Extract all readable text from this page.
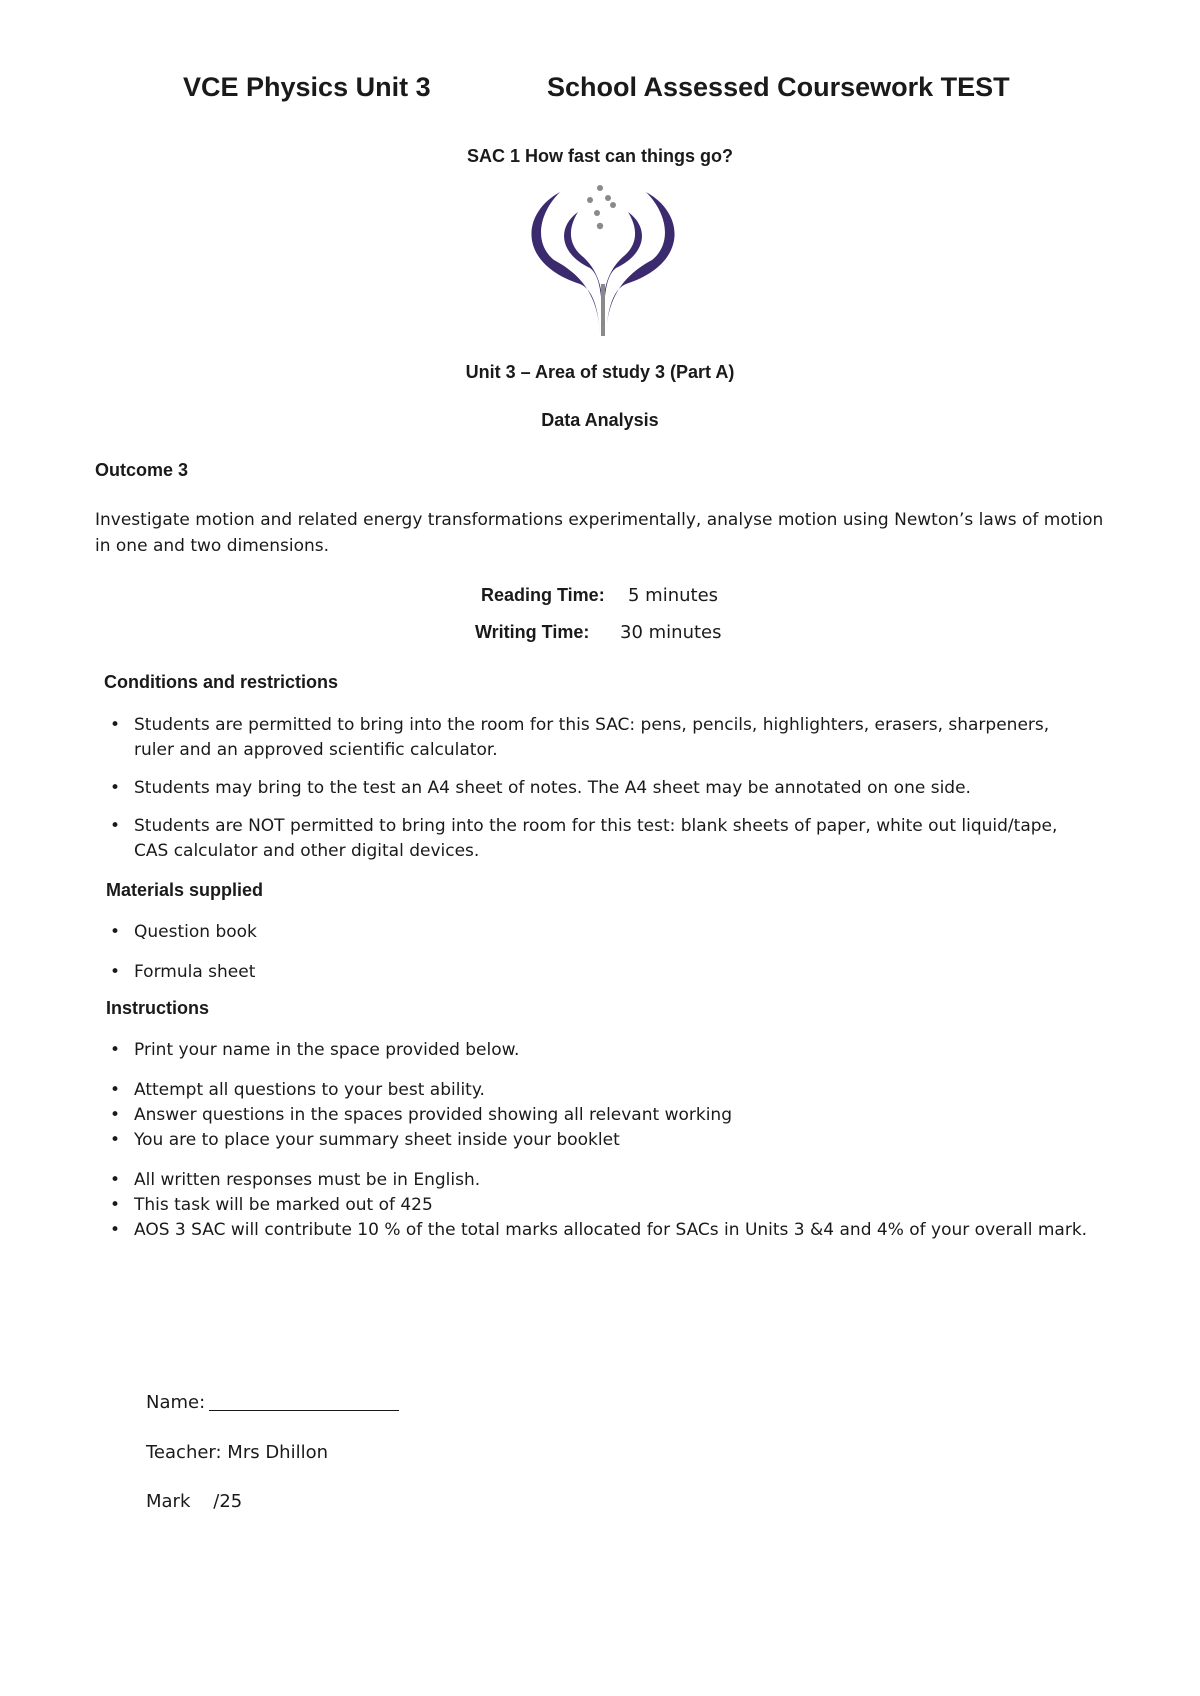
VCE Physics Unit 3	School Assessed Coursework TEST
SAC 1 How fast can things go?
Unit 3 – Area of study 3 (Part A)
Data Analysis
Outcome 3
Investigate motion and related energy transformations experimentally, analyse motion using Newton’s laws of motion in one and two dimensions.
Reading Time: 5 minutes
Writing Time: 30 minutes
Conditions and restrictions
• Students are permitted to bring into the room for this SAC: pens, pencils, highlighters, erasers, sharpeners, ruler and an approved scientific calculator.
• Students may bring to the test an A4 sheet of notes. The A4 sheet may be annotated on one side.
• Students are NOT permitted to bring into the room for this test: blank sheets of paper, white out liquid/tape, CAS calculator and other digital devices.
Materials supplied
• Question book
• Formula sheet
Instructions
• Print your name in the space provided below.
• Attempt all questions to your best ability.
• Answer questions in the spaces provided showing all relevant working
• You are to place your summary sheet inside your booklet
• All written responses must be in English.
• This task will be marked out of 425
• AOS 3 SAC will contribute 10 % of the total marks allocated for SACs in Units 3 &4 and 4% of your overall mark.
Name:
Teacher: Mrs Dhillon
Mark    /25
